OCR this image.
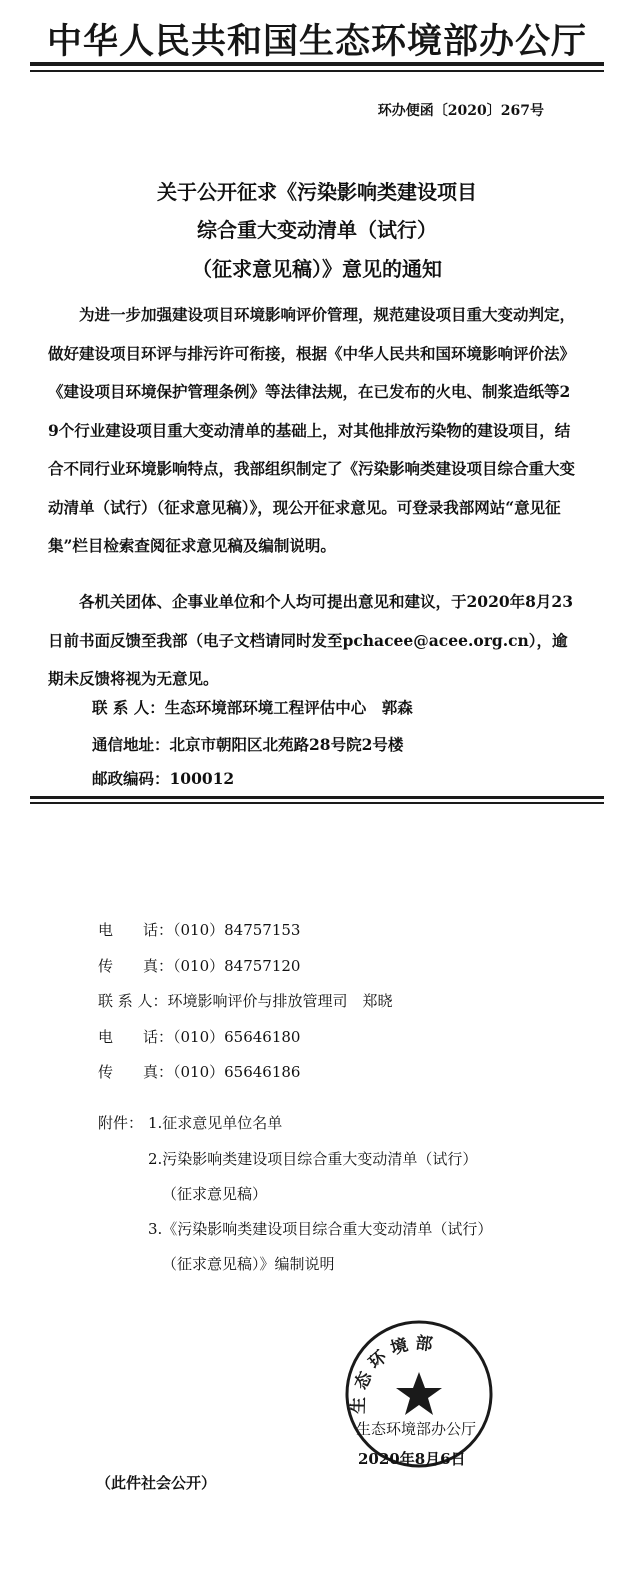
中华人民共和国生态环境部办公厅
环办便函〔2020〕267号
关于公开征求《污染影响类建设项目
综合重大变动清单（试行）
（征求意见稿）》意见的通知
为进一步加强建设项目环境影响评价管理，规范建设项目重大变动判定，做好建设项目环评与排污许可衔接，根据《中华人民共和国环境影响评价法》《建设项目环境保护管理条例》等法律法规，在已发布的火电、制浆造纸等29个行业建设项目重大变动清单的基础上，对其他排放污染物的建设项目，结合不同行业环境影响特点，我部组织制定了《污染影响类建设项目综合重大变动清单（试行）（征求意见稿）》，现公开征求意见。可登录我部网站“意见征集”栏目检索查阅征求意见稿及编制说明。
各机关团体、企事业单位和个人均可提出意见和建议，于2020年8月23日前书面反馈至我部（电子文档请同时发至pchacee@acee.org.cn），逾期未反馈将视为无意见。
联 系 人：生态环境部环境工程评估中心　郭森
通信地址：北京市朝阳区北苑路28号院2号楼
邮政编码：100012
电　　话：（010）84757153
传　　真：（010）84757120
联 系 人：环境影响评价与排放管理司　郑晓
电　　话：（010）65646180
传　　真：（010）65646186
附件： 1.征求意见单位名单
2.污染影响类建设项目综合重大变动清单（试行）
（征求意见稿）
3.《污染影响类建设项目综合重大变动清单（试行）
（征求意见稿）》编制说明
生态环境部
生态环境部办公厅
2020年8月6日
（此件社会公开）
